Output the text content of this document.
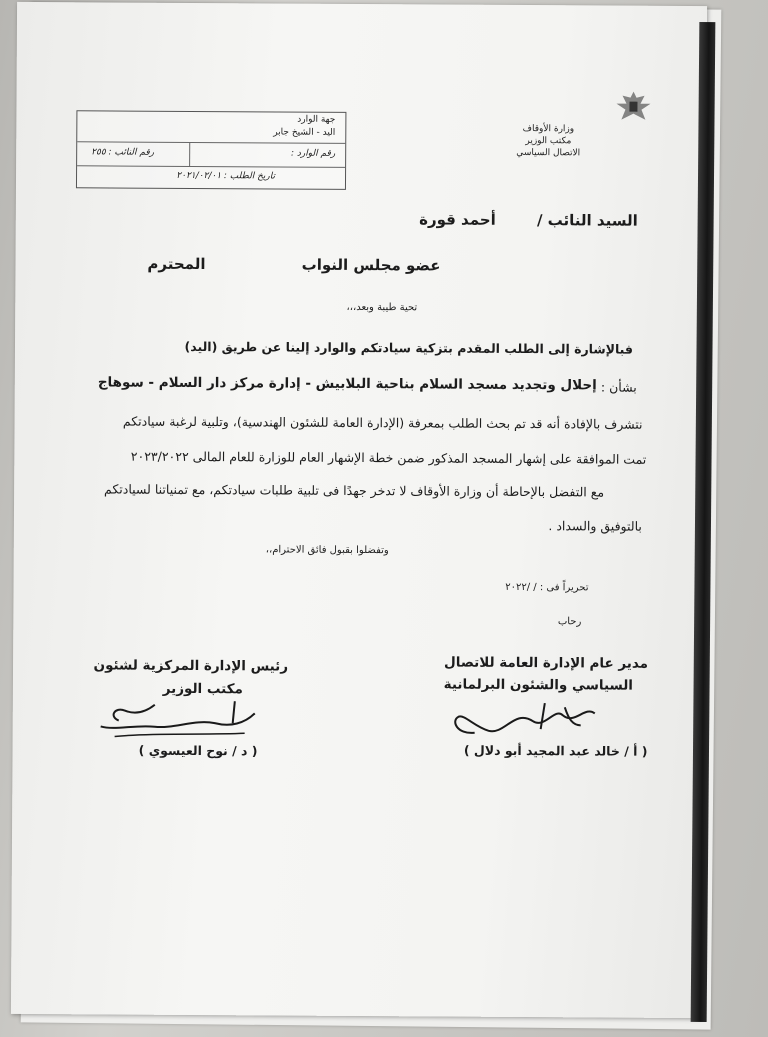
وزارة الأوقاف
مكتب الوزير
الاتصال السياسي
جهة الوارد
اليد - الشيخ جابر
رقم الوارد :
رقم النائب : ٢٥٥
تاريخ الطلب : ٢٠٢١/٠٢/٠١
السيد النائب /
أحمد قورة
عضو مجلس النواب
المحترم
تحية طيبة وبعد،،،
فبالإشارة إلى الطلب المقدم بتزكية سيادتكم والوارد إلينا عن طريق (اليد)
بشأن :
إحلال وتجديد مسجد السلام بناحية البلابيش - إدارة مركز دار السلام - سوهاج
نتشرف بالإفادة أنه قد تم بحث الطلب بمعرفة (الإدارة العامة للشئون الهندسية)، وتلبية لرغبة سيادتكم
تمت الموافقة على إشهار المسجد المذكور ضمن خطة الإشهار العام للوزارة للعام المالى ٢٠٢٣/٢٠٢٢
مع التفضل بالإحاطة أن وزارة الأوقاف لا تدخر جهدًا فى تلبية طلبات سيادتكم، مع تمنياتنا لسيادتكم
بالتوفيق والسداد .
وتفضلوا بقبول فائق الاحترام،،
تحريراً فى : / /٢٠٢٢
رحاب
مدير عام الإدارة العامة للاتصال
السياسي والشئون البرلمانية
( أ / خالد عبد المجيد أبو دلال )
رئيس الإدارة المركزية لشئون
مكتب الوزير
( د / نوح العيسوي )
